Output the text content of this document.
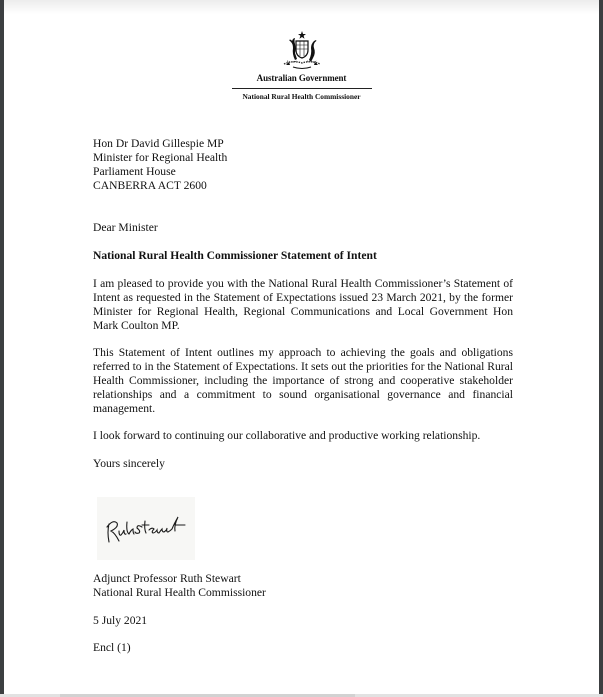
Australian Government
National Rural Health Commissioner
Hon Dr David Gillespie MP
Minister for Regional Health
Parliament House
CANBERRA ACT 2600
Dear Minister
National Rural Health Commissioner Statement of Intent
I am pleased to provide you with the National Rural Health Commissioner’s Statement of Intent as requested in the Statement of Expectations issued 23 March 2021, by the former Minister for Regional Health, Regional Communications and Local Government Hon Mark Coulton MP.
This Statement of Intent outlines my approach to achieving the goals and obligations referred to in the Statement of Expectations. It sets out the priorities for the National Rural Health Commissioner, including the importance of strong and cooperative stakeholder relationships and a commitment to sound organisational governance and financial management.
I look forward to continuing our collaborative and productive working relationship.
Yours sincerely
Adjunct Professor Ruth Stewart
National Rural Health Commissioner
5 July 2021
Encl (1)
